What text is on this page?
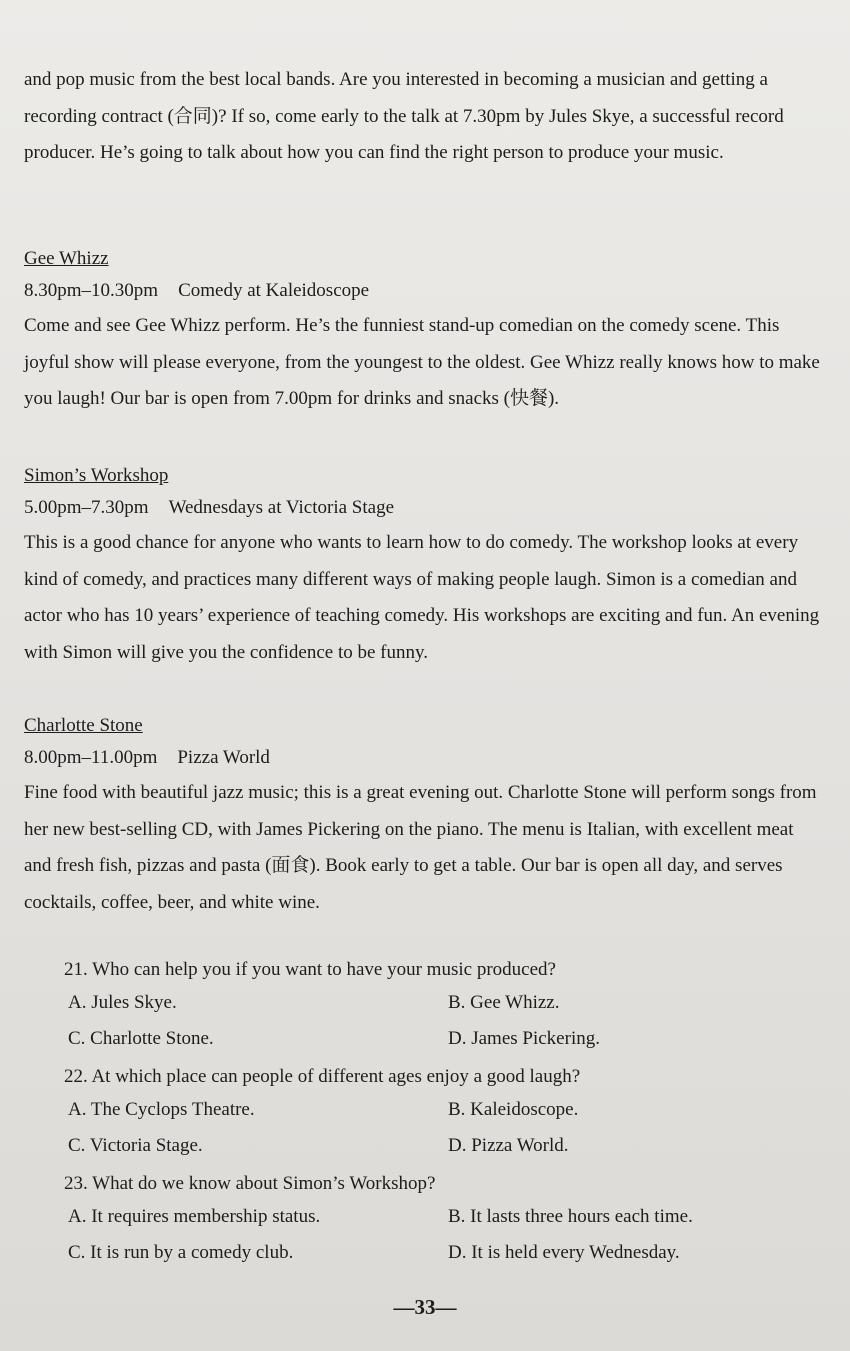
and pop music from the best local bands. Are you interested in becoming a musician and getting a recording contract (合同)? If so, come early to the talk at 7.30pm by Jules Skye, a successful record producer. He’s going to talk about how you can find the right person to produce your music.
Gee Whizz
8.30pm–10.30pm Comedy at Kaleidoscope
Come and see Gee Whizz perform. He’s the funniest stand-up comedian on the comedy scene. This joyful show will please everyone, from the youngest to the oldest. Gee Whizz really knows how to make you laugh! Our bar is open from 7.00pm for drinks and snacks (快餐).
Simon’s Workshop
5.00pm–7.30pm Wednesdays at Victoria Stage
This is a good chance for anyone who wants to learn how to do comedy. The workshop looks at every kind of comedy, and practices many different ways of making people laugh. Simon is a comedian and actor who has 10 years’ experience of teaching comedy. His workshops are exciting and fun. An evening with Simon will give you the confidence to be funny.
Charlotte Stone
8.00pm–11.00pm Pizza World
Fine food with beautiful jazz music; this is a great evening out. Charlotte Stone will perform songs from her new best-selling CD, with James Pickering on the piano. The menu is Italian, with excellent meat and fresh fish, pizzas and pasta (面食). Book early to get a table. Our bar is open all day, and serves cocktails, coffee, beer, and white wine.
21. Who can help you if you want to have your music produced?
A. Jules Skye.	B. Gee Whizz.
C. Charlotte Stone.	D. James Pickering.
22. At which place can people of different ages enjoy a good laugh?
A. The Cyclops Theatre.	B. Kaleidoscope.
C. Victoria Stage.	D. Pizza World.
23. What do we know about Simon’s Workshop?
A. It requires membership status.	B. It lasts three hours each time.
C. It is run by a comedy club.	D. It is held every Wednesday.
—33—
